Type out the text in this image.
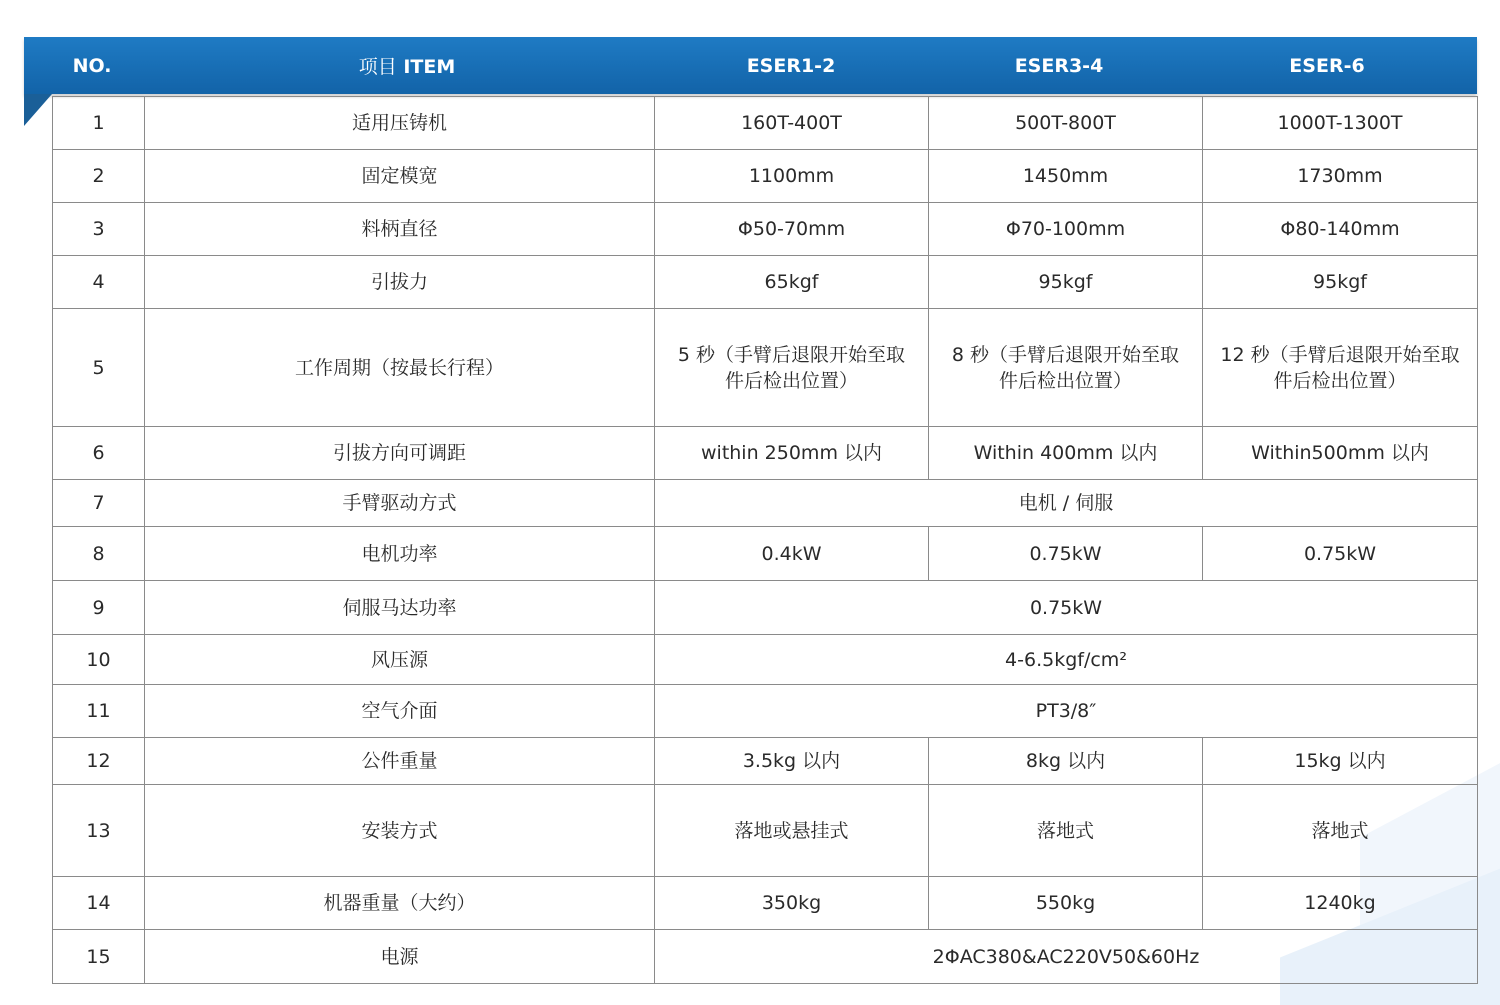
NO.	项目 ITEM	ESER1-2	ESER3-4	ESER-6
1	适用压铸机	160T-400T	500T-800T	1000T-1300T
2	固定模宽	1100mm	1450mm	1730mm
3	料柄直径	Φ50-70mm	Φ70-100mm	Φ80-140mm
4	引拔力	65kgf	95kgf	95kgf
5	工作周期（按最长行程）	5 秒（手臂后退限开始至取件后检出位置）	8 秒（手臂后退限开始至取件后检出位置）	12 秒（手臂后退限开始至取件后检出位置）
6	引拔方向可调距	within 250mm 以内	Within 400mm 以内	Within500mm 以内
7	手臂驱动方式	电机 / 伺服		
8	电机功率	0.4kW	0.75kW	0.75kW
9	伺服马达功率	0.75kW		
10	风压源	4-6.5kgf/cm²		
11	空气介面	PT3/8″		
12	公件重量	3.5kg 以内	8kg 以内	15kg 以内
13	安装方式	落地或悬挂式	落地式	落地式
14	机器重量（大约）	350kg	550kg	1240kg
15	电源	2ΦAC380&AC220V50&60Hz		
